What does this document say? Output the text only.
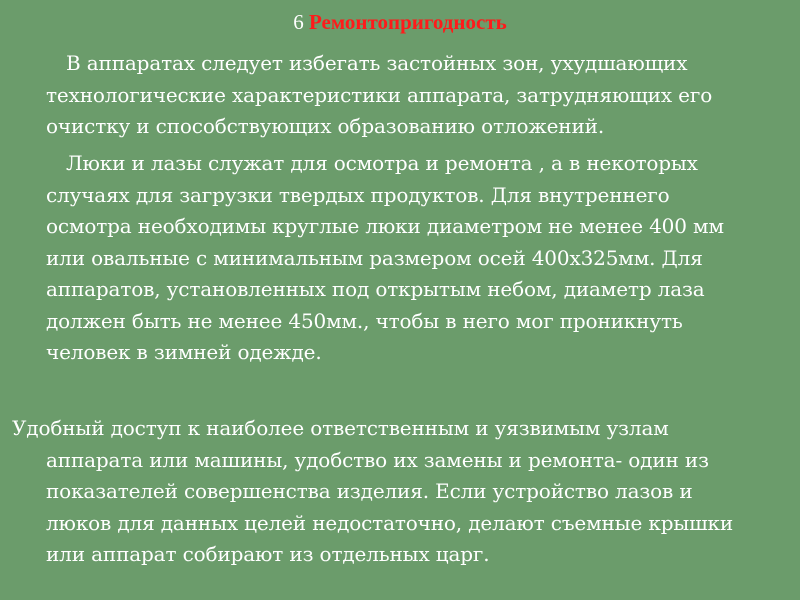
6 Ремонтопригодность
В аппаратах следует избегать застойных зон, ухудшающих
технологические характеристики аппарата, затрудняющих его
очистку и способствующих образованию отложений.
Люки и лазы служат для осмотра и ремонта , а в некоторых
случаях для загрузки твердых продуктов. Для внутреннего
осмотра необходимы круглые люки диаметром не менее 400 мм
или овальные с минимальным размером осей 400х325мм. Для
аппаратов, установленных под открытым небом, диаметр лаза
должен быть не менее 450мм., чтобы в него мог проникнуть
человек в зимней одежде.
Удобный доступ к наиболее ответственным и уязвимым узлам
аппарата или машины, удобство их замены и ремонта- один из
показателей совершенства изделия. Если устройство лазов и
люков для данных целей недостаточно, делают съемные крышки
или аппарат собирают из отдельных царг.
